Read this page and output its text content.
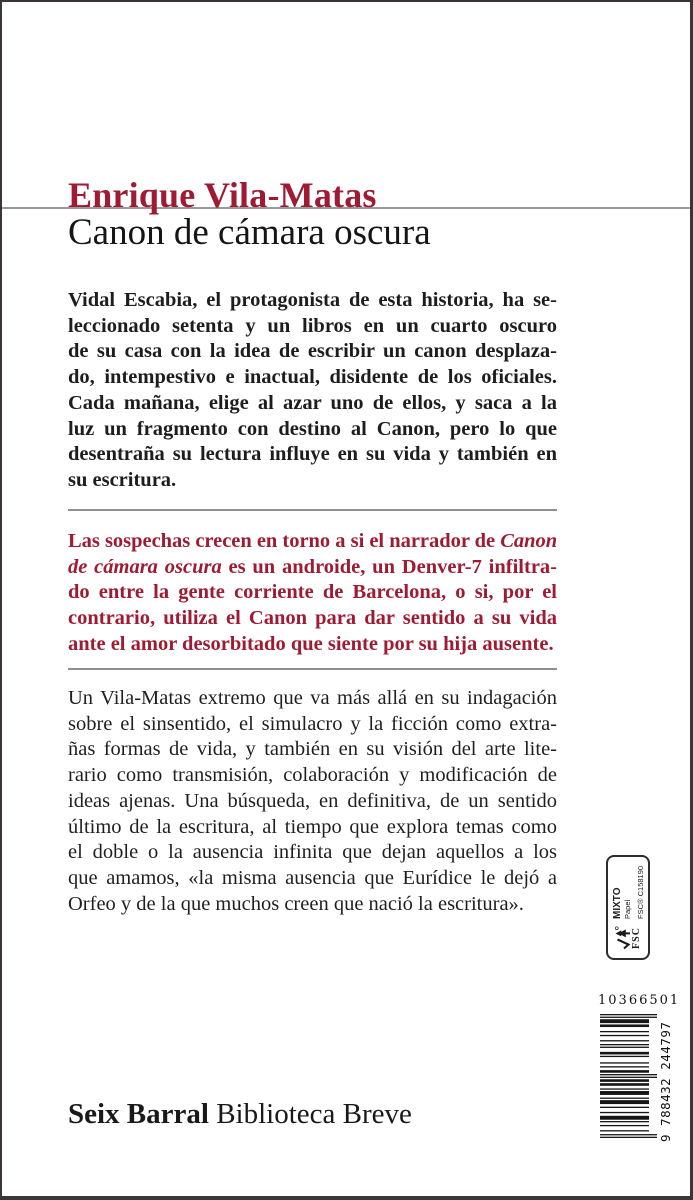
Enrique Vila-Matas
Canon de cámara oscura
Vidal Escabia, el protagonista de esta historia, ha se-
leccionado setenta y un libros en un cuarto oscuro
de su casa con la idea de escribir un canon desplaza-
do, intempestivo e inactual, disidente de los oficiales.
Cada mañana, elige al azar uno de ellos, y saca a la
luz un fragmento con destino al Canon, pero lo que
desentraña su lectura influye en su vida y también en
su escritura.
Las sospechas crecen en torno a si el narrador de Canon
de cámara oscura es un androide, un Denver-7 infiltra-
do entre la gente corriente de Barcelona, o si, por el
contrario, utiliza el Canon para dar sentido a su vida
ante el amor desorbitado que siente por su hija ausente.
Un Vila-Matas extremo que va más allá en su indagación
sobre el sinsentido, el simulacro y la ficción como extra-
ñas formas de vida, y también en su visión del arte lite-
rario como transmisión, colaboración y modificación de
ideas ajenas. Una búsqueda, en definitiva, de un sentido
último de la escritura, al tiempo que explora temas como
el doble o la ausencia infinita que dejan aquellos a los
que amamos, «la misma ausencia que Eurídice le dejó a
Orfeo y de la que muchos creen que nació la escritura».
FSC
MIXTO Papel FSC® C158190
10366501
9 788432 244797
Seix Barral Biblioteca Breve
